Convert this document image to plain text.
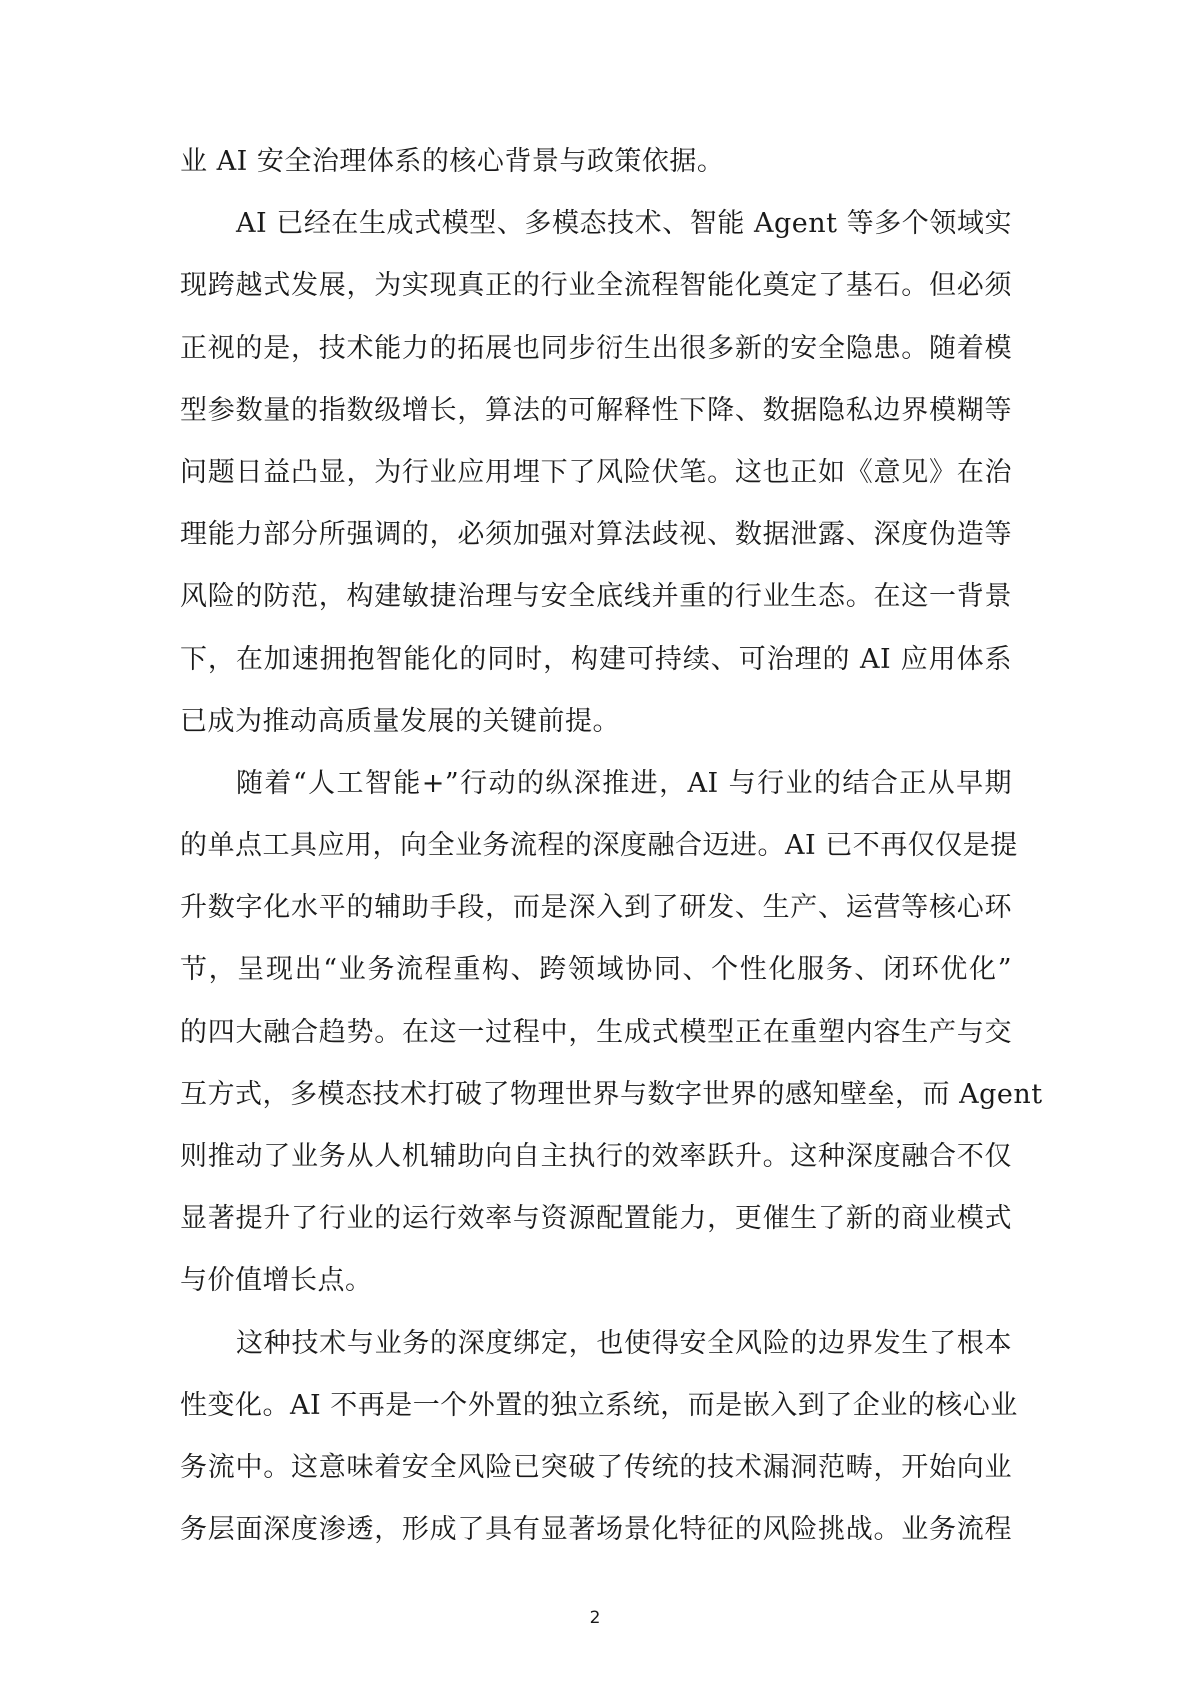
业 AI 安全治理体系的核心背景与政策依据。
AI 已经在生成式模型、多模态技术、智能 Agent 等多个领域实
现跨越式发展，为实现真正的行业全流程智能化奠定了基石。但必须
正视的是，技术能力的拓展也同步衍生出很多新的安全隐患。随着模
型参数量的指数级增长，算法的可解释性下降、数据隐私边界模糊等
问题日益凸显，为行业应用埋下了风险伏笔。这也正如《意见》在治
理能力部分所强调的，必须加强对算法歧视、数据泄露、深度伪造等
风险的防范，构建敏捷治理与安全底线并重的行业生态。在这一背景
下，在加速拥抱智能化的同时，构建可持续、可治理的 AI 应用体系
已成为推动高质量发展的关键前提。
随着“人工智能+”行动的纵深推进，AI 与行业的结合正从早期
的单点工具应用，向全业务流程的深度融合迈进。AI 已不再仅仅是提
升数字化水平的辅助手段，而是深入到了研发、生产、运营等核心环
节，呈现出“业务流程重构、跨领域协同、个性化服务、闭环优化”
的四大融合趋势。在这一过程中，生成式模型正在重塑内容生产与交
互方式，多模态技术打破了物理世界与数字世界的感知壁垒，而 Agent
则推动了业务从人机辅助向自主执行的效率跃升。这种深度融合不仅
显著提升了行业的运行效率与资源配置能力，更催生了新的商业模式
与价值增长点。
这种技术与业务的深度绑定，也使得安全风险的边界发生了根本
性变化。AI 不再是一个外置的独立系统，而是嵌入到了企业的核心业
务流中。这意味着安全风险已突破了传统的技术漏洞范畴，开始向业
务层面深度渗透，形成了具有显著场景化特征的风险挑战。业务流程
2
